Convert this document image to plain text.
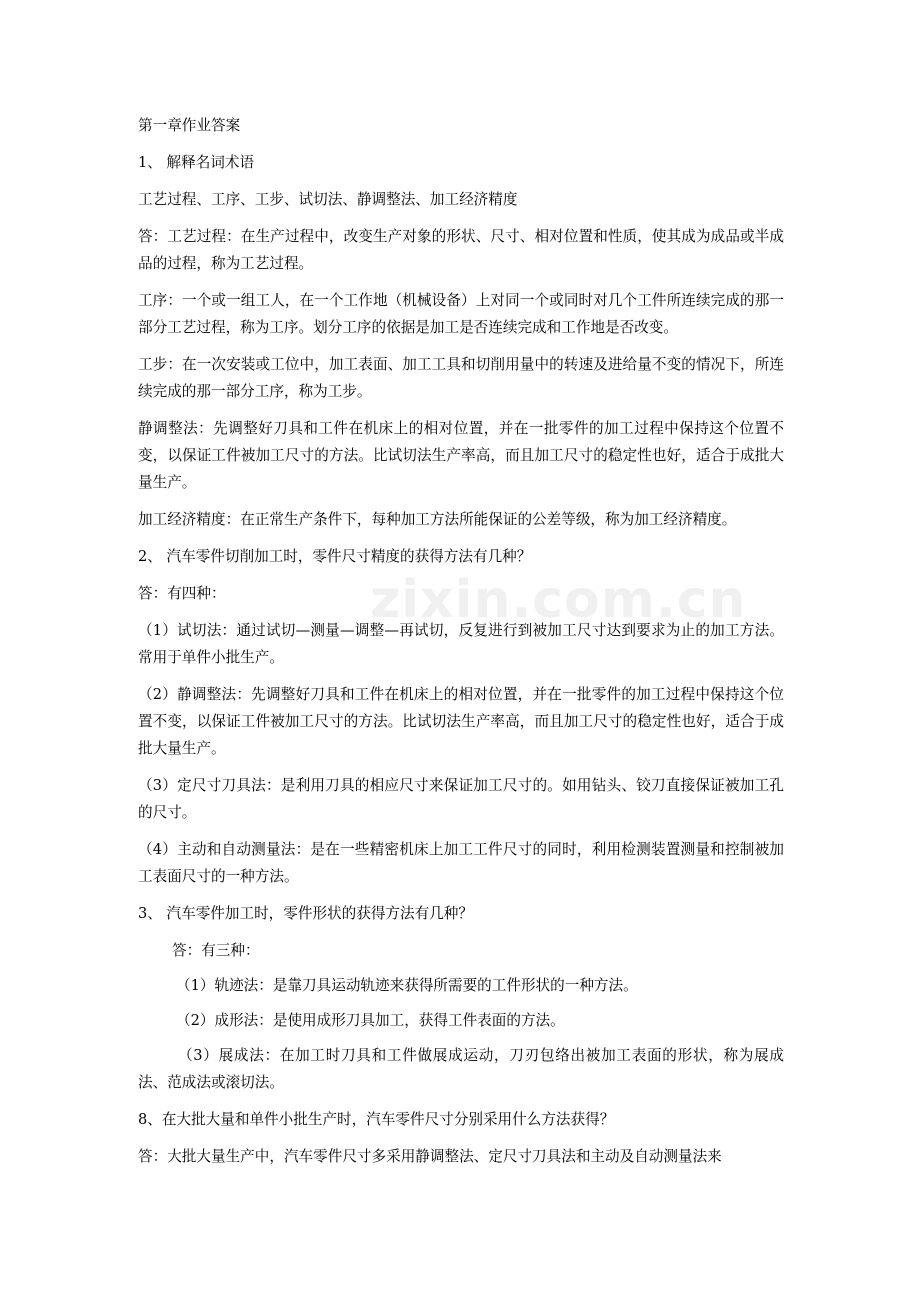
第一章作业答案

1、 解释名词术语

工艺过程、工序、工步、试切法、静调整法、加工经济精度

答：工艺过程：在生产过程中，改变生产对象的形状、尺寸、相对位置和性质，使其成为成品或半成品的过程，称为工艺过程。

工序：一个或一组工人，在一个工作地（机械设备）上对同一个或同时对几个工件所连续完成的那一部分工艺过程，称为工序。划分工序的依据是加工是否连续完成和工作地是否改变。

工步：在一次安装或工位中，加工表面、加工工具和切削用量中的转速及进给量不变的情况下，所连续完成的那一部分工序，称为工步。

静调整法：先调整好刀具和工件在机床上的相对位置，并在一批零件的加工过程中保持这个位置不变，以保证工件被加工尺寸的方法。比试切法生产率高，而且加工尺寸的稳定性也好，适合于成批大量生产。

加工经济精度：在正常生产条件下，每种加工方法所能保证的公差等级，称为加工经济精度。

2、 汽车零件切削加工时，零件尺寸精度的获得方法有几种？

答：有四种：

（1）试切法：通过试切—测量—调整—再试切，反复进行到被加工尺寸达到要求为止的加工方法。常用于单件小批生产。

（2）静调整法：先调整好刀具和工件在机床上的相对位置，并在一批零件的加工过程中保持这个位置不变，以保证工件被加工尺寸的方法。比试切法生产率高，而且加工尺寸的稳定性也好，适合于成批大量生产。

（3）定尺寸刀具法：是利用刀具的相应尺寸来保证加工尺寸的。如用钻头、铰刀直接保证被加工孔的尺寸。

（4）主动和自动测量法：是在一些精密机床上加工工件尺寸的同时，利用检测装置测量和控制被加工表面尺寸的一种方法。

3、 汽车零件加工时，零件形状的获得方法有几种？

答：有三种：

（1）轨迹法：是靠刀具运动轨迹来获得所需要的工件形状的一种方法。

（2）成形法：是使用成形刀具加工，获得工件表面的方法。

（3）展成法：在加工时刀具和工件做展成运动，刀刃包络出被加工表面的形状，称为展成法、范成法或滚切法。

8、在大批大量和单件小批生产时，汽车零件尺寸分别采用什么方法获得？

答：大批大量生产中，汽车零件尺寸多采用静调整法、定尺寸刀具法和主动及自动测量法来

zixin.com.cn
